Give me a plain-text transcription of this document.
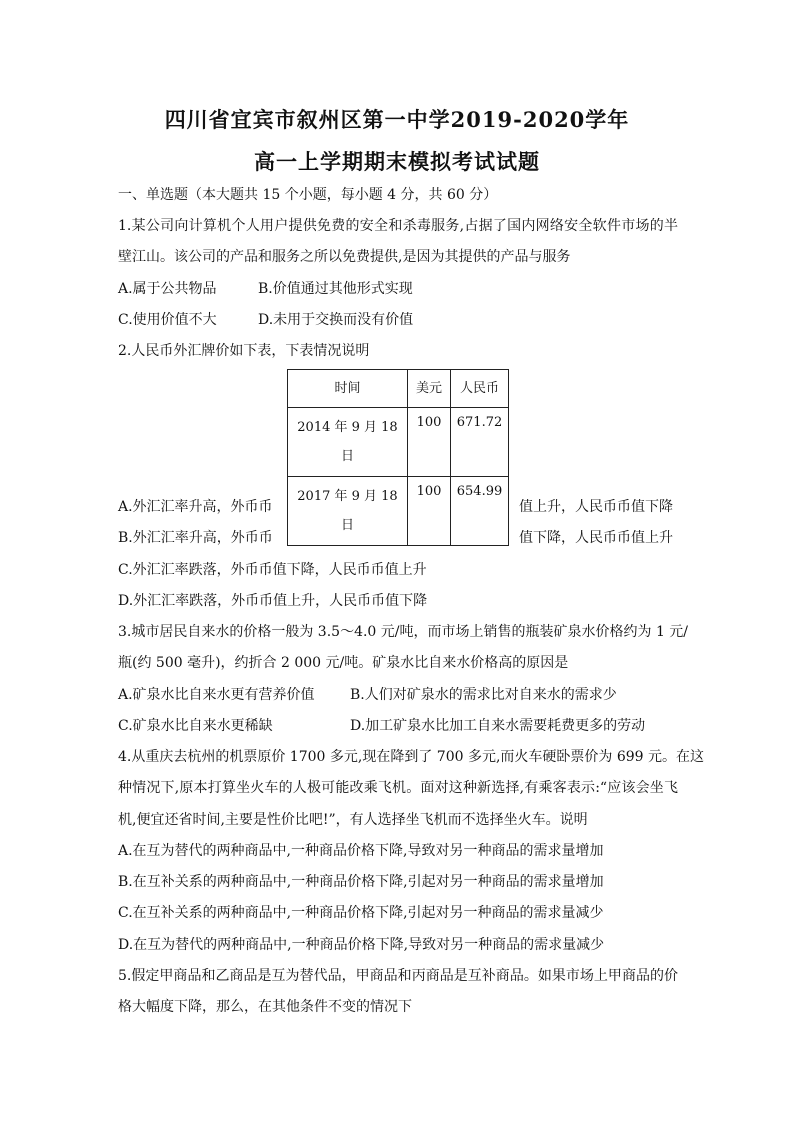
四川省宜宾市叙州区第一中学2019-2020学年
高一上学期期末模拟考试试题
一、单选题（本大题共 15 个小题，每小题 4 分，共 60 分）
1.某公司向计算机个人用户提供免费的安全和杀毒服务,占据了国内网络安全软件市场的半
壁江山。该公司的产品和服务之所以免费提供,是因为其提供的产品与服务
A.属于公共物品	B.价值通过其他形式实现
C.使用价值不大	D.未用于交换而没有价值
2.人民币外汇牌价如下表，下表情况说明
时间	美元	人民币

2014 年 9 月 18
日	100	671.72

2017 年 9 月 18
日	100	654.99
A.外汇汇率升高，外币币	值上升，人民币币值下降
B.外汇汇率升高，外币币	值下降，人民币币值上升
C.外汇汇率跌落，外币币值下降，人民币币值上升
D.外汇汇率跌落，外币币值上升，人民币币值下降
3.城市居民自来水的价格一般为 3.5～4.0 元/吨，而市场上销售的瓶装矿泉水价格约为 1 元/
瓶(约 500 毫升)，约折合 2 000 元/吨。矿泉水比自来水价格高的原因是
A.矿泉水比自来水更有营养价值	B.人们对矿泉水的需求比对自来水的需求少
C.矿泉水比自来水更稀缺	D.加工矿泉水比加工自来水需要耗费更多的劳动
4.从重庆去杭州的机票原价 1700 多元,现在降到了 700 多元,而火车硬卧票价为 699 元。在这
种情况下,原本打算坐火车的人极可能改乘飞机。面对这种新选择,有乘客表示:“应该会坐飞
机,便宜还省时间,主要是性价比吧!”，有人选择坐飞机而不选择坐火车。说明
A.在互为替代的两种商品中,一种商品价格下降,导致对另一种商品的需求量增加
B.在互补关系的两种商品中,一种商品价格下降,引起对另一种商品的需求量增加
C.在互补关系的两种商品中,一种商品价格下降,引起对另一种商品的需求量减少
D.在互为替代的两种商品中,一种商品价格下降,导致对另一种商品的需求量减少
5.假定甲商品和乙商品是互为替代品，甲商品和丙商品是互补商品。如果市场上甲商品的价
格大幅度下降，那么，在其他条件不变的情况下
